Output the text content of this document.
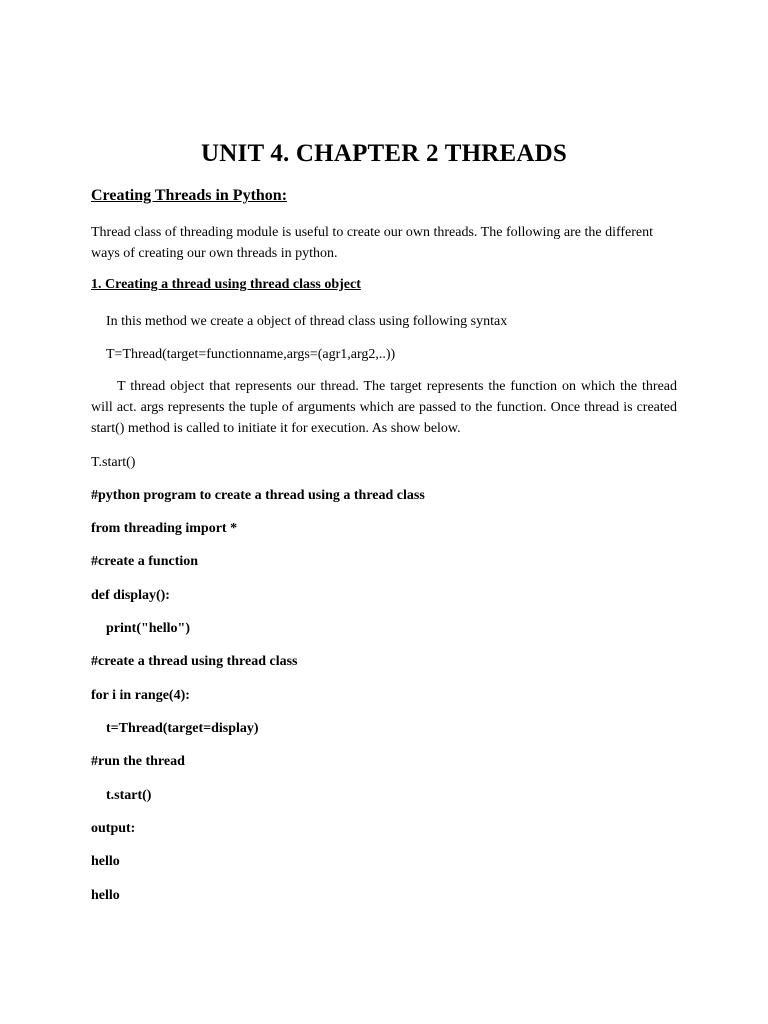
UNIT 4. CHAPTER 2 THREADS
Creating Threads in Python:
Thread class of threading module is useful to create our own threads. The following are the different ways of creating our own threads in python.
1. Creating a thread using thread class object
In this method we create a object of thread class using following syntax
T=Thread(target=functionname,args=(agr1,arg2,..))
T thread object that represents our thread. The target represents the function on which the thread will act. args represents the tuple of arguments which are passed to the function. Once thread is created start() method is called to initiate it for execution. As show below.
T.start()
#python program to create a thread using a thread class
from threading import *
#create a function
def display():
print("hello")
#create a thread using thread class
for i in range(4):
t=Thread(target=display)
#run the thread
t.start()
output:
hello
hello
